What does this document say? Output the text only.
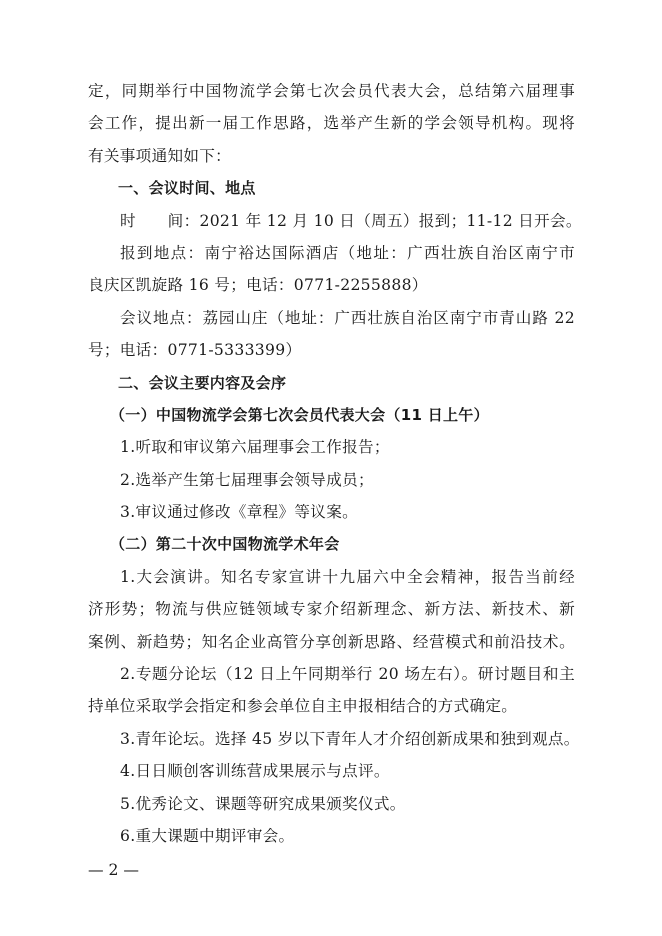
定，同期举行中国物流学会第七次会员代表大会，总结第六届理事
会工作，提出新一届工作思路，选举产生新的学会领导机构。现将
有关事项通知如下：
一、会议时间、地点
时　　间：2021 年 12 月 10 日（周五）报到；11-12 日开会。
报到地点：南宁裕达国际酒店（地址：广西壮族自治区南宁市
良庆区凯旋路 16 号；电话：0771-2255888）
会议地点：荔园山庄（地址：广西壮族自治区南宁市青山路 22
号；电话：0771-5333399）
二、会议主要内容及会序
（一）中国物流学会第七次会员代表大会（11 日上午）
1.听取和审议第六届理事会工作报告；
2.选举产生第七届理事会领导成员；
3.审议通过修改《章程》等议案。
（二）第二十次中国物流学术年会
1.大会演讲。知名专家宣讲十九届六中全会精神，报告当前经
济形势；物流与供应链领域专家介绍新理念、新方法、新技术、新
案例、新趋势；知名企业高管分享创新思路、经营模式和前沿技术。
2.专题分论坛（12 日上午同期举行 20 场左右）。研讨题目和主
持单位采取学会指定和参会单位自主申报相结合的方式确定。
3.青年论坛。选择 45 岁以下青年人才介绍创新成果和独到观点。
4.日日顺创客训练营成果展示与点评。
5.优秀论文、课题等研究成果颁奖仪式。
6.重大课题中期评审会。
— 2 —
